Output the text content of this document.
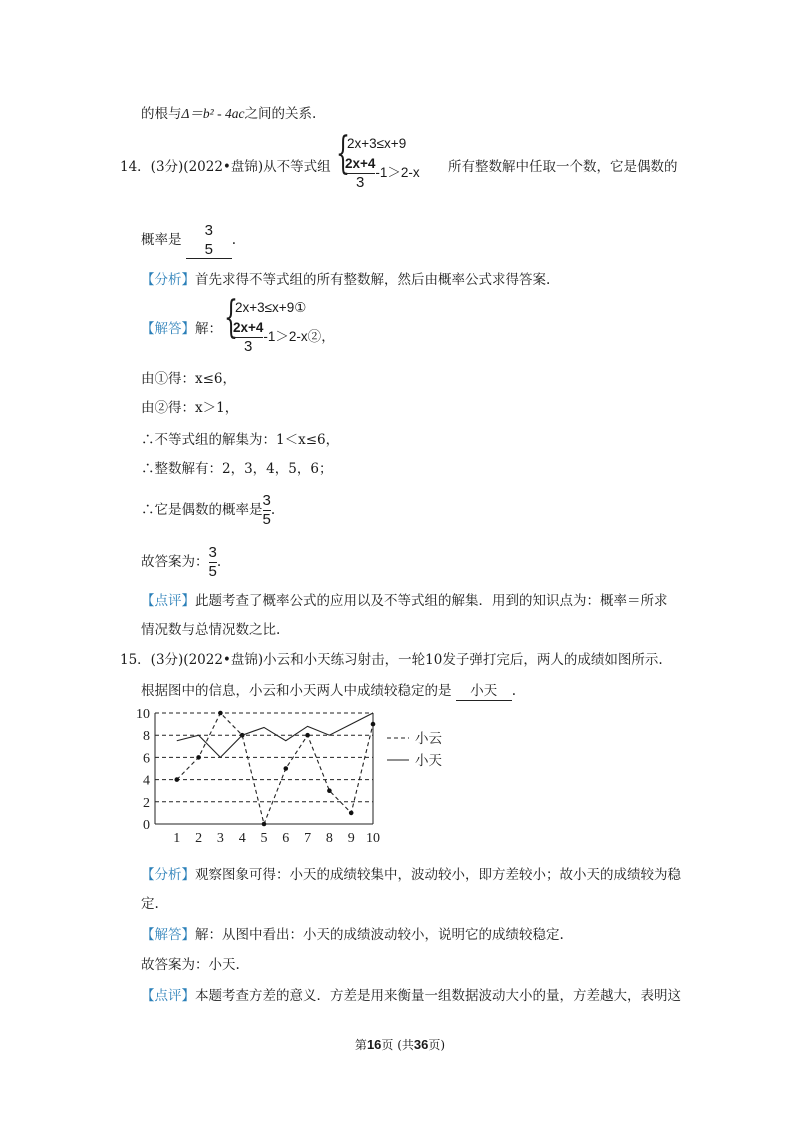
的根与Δ＝b² - 4ac之间的关系.
14．(3分)(2022•盘锦)从不等式组 {
2x+3≤x+9
$\frac{2x+4}{3} -1>2-x$ 所有整数解中任取一个数，它是偶数的
概率是
3
5
.
【分析】首先求得不等式组的所有整数解，然后由概率公式求得答案.
【解答】解： {
2x+3≤x+9①
$\frac{2x+4}{3}$ -1＞2-x②，
由①得：x≤6，
由②得：x＞1，
∴不等式组的解集为：1＜x≤6，
∴整数解有：2，3，4，5，6；
∴它是偶数的概率是 $\frac{3}{5}$ .
故答案为： $\frac{3}{5}$ .
【点评】此题考查了概率公式的应用以及不等式组的解集．用到的知识点为：概率＝所求
情况数与总情况数之比.
15．(3分)(2022•盘锦)小云和小天练习射击，一轮10发子弹打完后，两人的成绩如图所示.
根据图中的信息，小云和小天两人中成绩较稳定的是 小天 .
0
2
4
6
8
10
1 2 3 4 5 6 7 8 9 10
小云
小天
【分析】观察图象可得：小天的成绩较集中，波动较小，即方差较小；故小天的成绩较为稳
定.
【解答】解：从图中看出：小天的成绩波动较小，说明它的成绩较稳定.
故答案为：小天.
【点评】本题考查方差的意义．方差是用来衡量一组数据波动大小的量，方差越大，表明这
第16页 (共36页)
